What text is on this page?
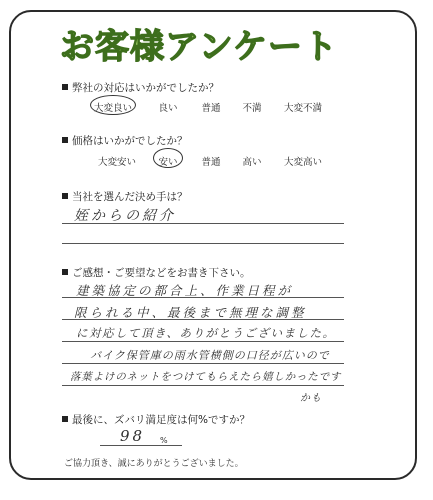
お客様アンケート
弊社の対応はいかがでしたか？
大変良い	良い	普通 不満 大変不満
価格はいかがでしたか？
大変安い 安い	普通 高い 大変高い
当社を選んだ決め手は？
姪からの紹介
ご感想・ご要望などをお書き下さい。
建築協定の都合上、作業日程が
限られる中、最後まで無理な調整
に対応して頂き、ありがとうございました。
バイク保管庫の雨水管横側の口径が広いので
落葉よけのネットをつけてもらえたら嬉しかったです
かも
最後に、ズバリ満足度は何%ですか？
98 %
ご協力頂き、誠にありがとうございました。
